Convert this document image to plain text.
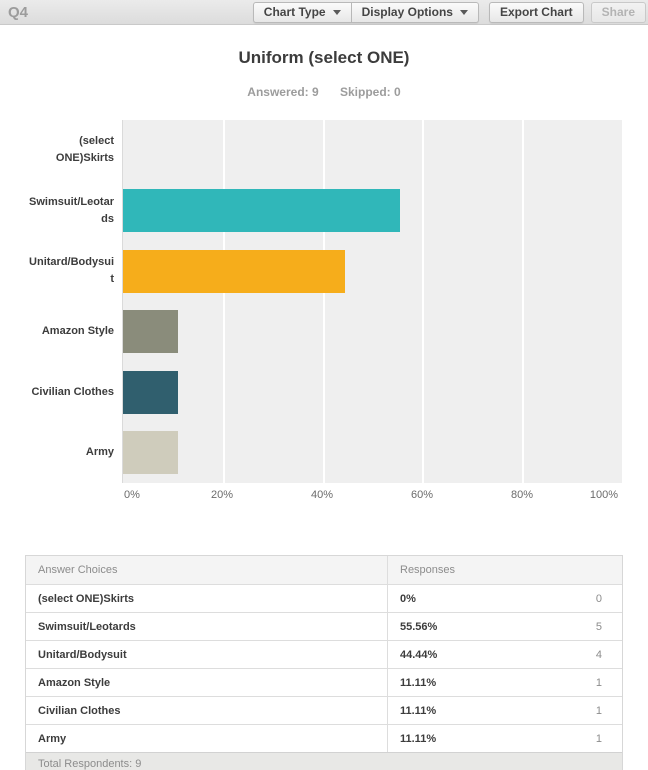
Q4	Chart Type	Display Options	Export Chart	Share
Uniform (select ONE)
Answered: 9 Skipped: 0
(select ONE)Skirts
Swimsuit/Leotards
Unitard/Bodysuit
Amazon Style
Civilian Clothes
Army
0%	20%	40%	60%	80%	100%
Answer Choices	Responses
(select ONE)Skirts	0%	0
Swimsuit/Leotards	55.56%	5
Unitard/Bodysuit	44.44%	4
Amazon Style	11.11%	1
Civilian Clothes	11.11%	1
Army	11.11%	1
Total Respondents: 9
